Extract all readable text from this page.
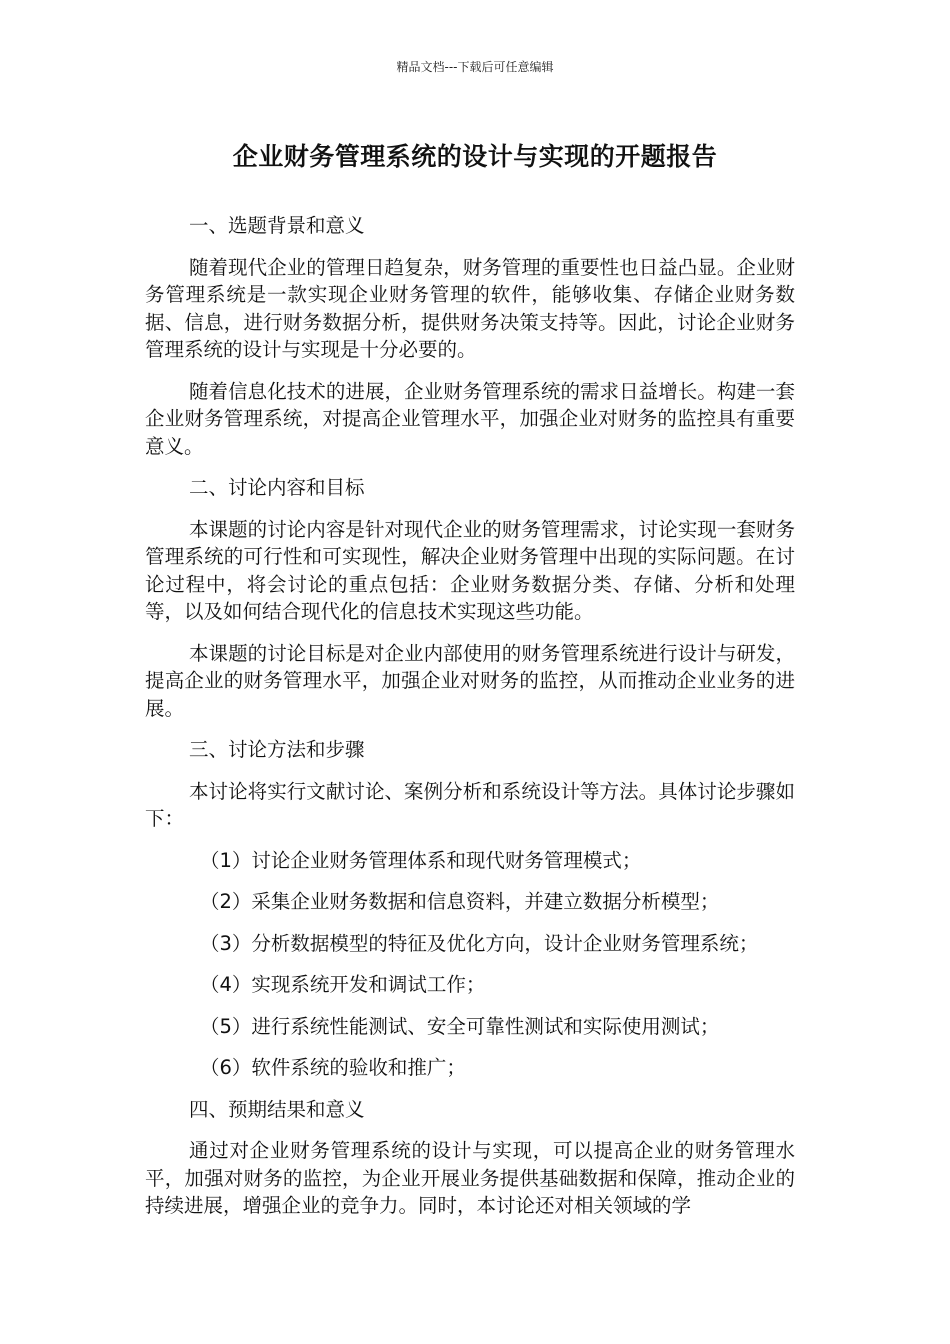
精品文档---下载后可任意编辑
企业财务管理系统的设计与实现的开题报告
一、选题背景和意义
随着现代企业的管理日趋复杂，财务管理的重要性也日益凸显。企业财务管理系统是一款实现企业财务管理的软件，能够收集、存储企业财务数据、信息，进行财务数据分析，提供财务决策支持等。因此，讨论企业财务管理系统的设计与实现是十分必要的。
随着信息化技术的进展，企业财务管理系统的需求日益增长。构建一套企业财务管理系统，对提高企业管理水平，加强企业对财务的监控具有重要意义。
二、讨论内容和目标
本课题的讨论内容是针对现代企业的财务管理需求，讨论实现一套财务管理系统的可行性和可实现性，解决企业财务管理中出现的实际问题。在讨论过程中，将会讨论的重点包括：企业财务数据分类、存储、分析和处理等，以及如何结合现代化的信息技术实现这些功能。
本课题的讨论目标是对企业内部使用的财务管理系统进行设计与研发，提高企业的财务管理水平，加强企业对财务的监控，从而推动企业业务的进展。
三、讨论方法和步骤
本讨论将实行文献讨论、案例分析和系统设计等方法。具体讨论步骤如下：
（1）讨论企业财务管理体系和现代财务管理模式；
（2）采集企业财务数据和信息资料，并建立数据分析模型；
（3）分析数据模型的特征及优化方向，设计企业财务管理系统；
（4）实现系统开发和调试工作；
（5）进行系统性能测试、安全可靠性测试和实际使用测试；
（6）软件系统的验收和推广；
四、预期结果和意义
通过对企业财务管理系统的设计与实现，可以提高企业的财务管理水平，加强对财务的监控，为企业开展业务提供基础数据和保障，推动企业的持续进展，增强企业的竞争力。同时，本讨论还对相关领域的学
